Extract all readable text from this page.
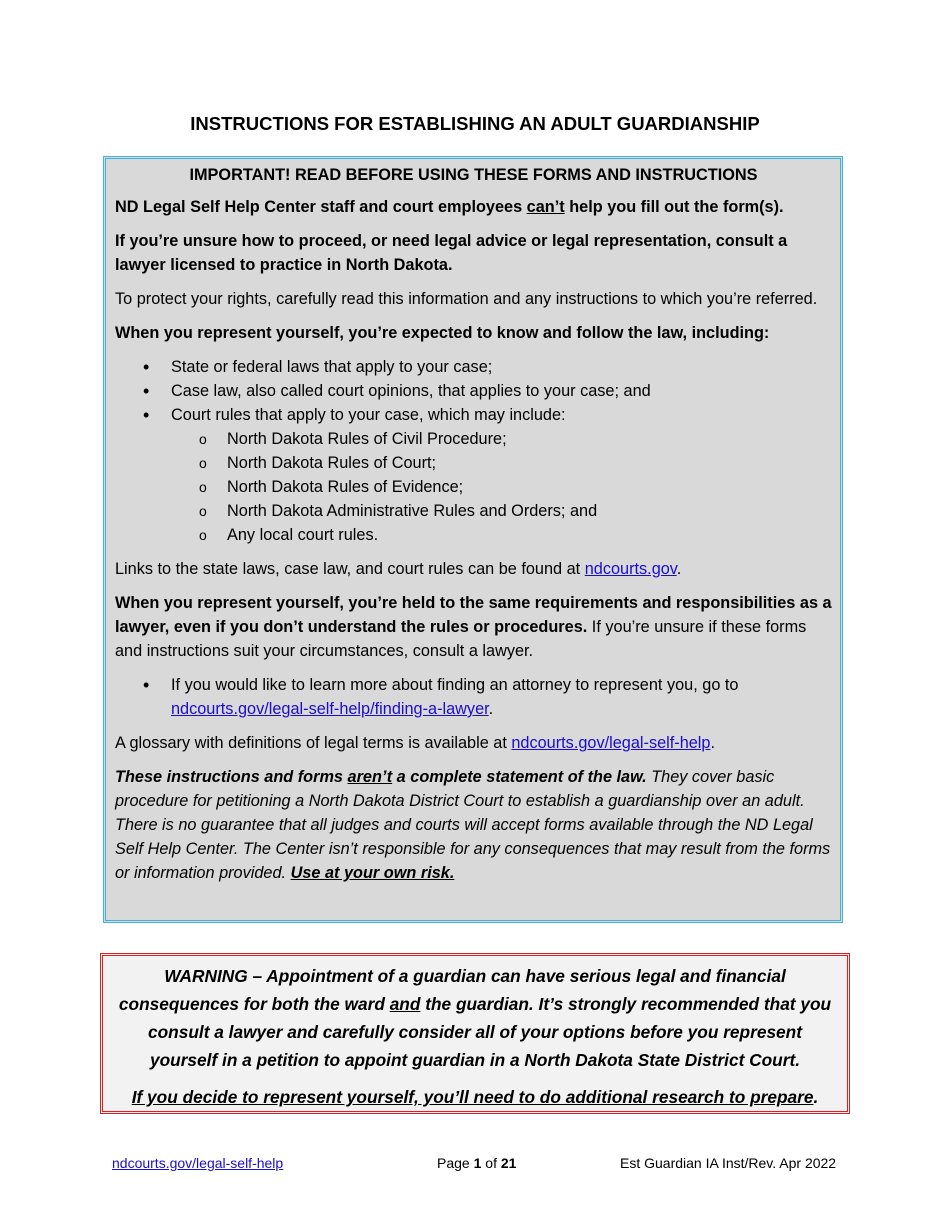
INSTRUCTIONS FOR ESTABLISHING AN ADULT GUARDIANSHIP

IMPORTANT! READ BEFORE USING THESE FORMS AND INSTRUCTIONS

ND Legal Self Help Center staff and court employees can’t help you fill out the form(s).

If you’re unsure how to proceed, or need legal advice or legal representation, consult a lawyer licensed to practice in North Dakota.

To protect your rights, carefully read this information and any instructions to which you’re referred.

When you represent yourself, you’re expected to know and follow the law, including:

• State or federal laws that apply to your case;
• Case law, also called court opinions, that applies to your case; and
• Court rules that apply to your case, which may include:
o North Dakota Rules of Civil Procedure;
o North Dakota Rules of Court;
o North Dakota Rules of Evidence;
o North Dakota Administrative Rules and Orders; and
o Any local court rules.

Links to the state laws, case law, and court rules can be found at ndcourts.gov.

When you represent yourself, you’re held to the same requirements and responsibilities as a lawyer, even if you don’t understand the rules or procedures. If you’re unsure if these forms and instructions suit your circumstances, consult a lawyer.

• If you would like to learn more about finding an attorney to represent you, go to ndcourts.gov/legal-self-help/finding-a-lawyer.

A glossary with definitions of legal terms is available at ndcourts.gov/legal-self-help.

These instructions and forms aren’t a complete statement of the law. They cover basic procedure for petitioning a North Dakota District Court to establish a guardianship over an adult. There is no guarantee that all judges and courts will accept forms available through the ND Legal Self Help Center. The Center isn’t responsible for any consequences that may result from the forms or information provided. Use at your own risk.

WARNING – Appointment of a guardian can have serious legal and financial consequences for both the ward and the guardian. It’s strongly recommended that you consult a lawyer and carefully consider all of your options before you represent yourself in a petition to appoint guardian in a North Dakota State District Court.

If you decide to represent yourself, you’ll need to do additional research to prepare.

ndcourts.gov/legal-self-help	Page 1 of 21	Est Guardian IA Inst/Rev. Apr 2022
